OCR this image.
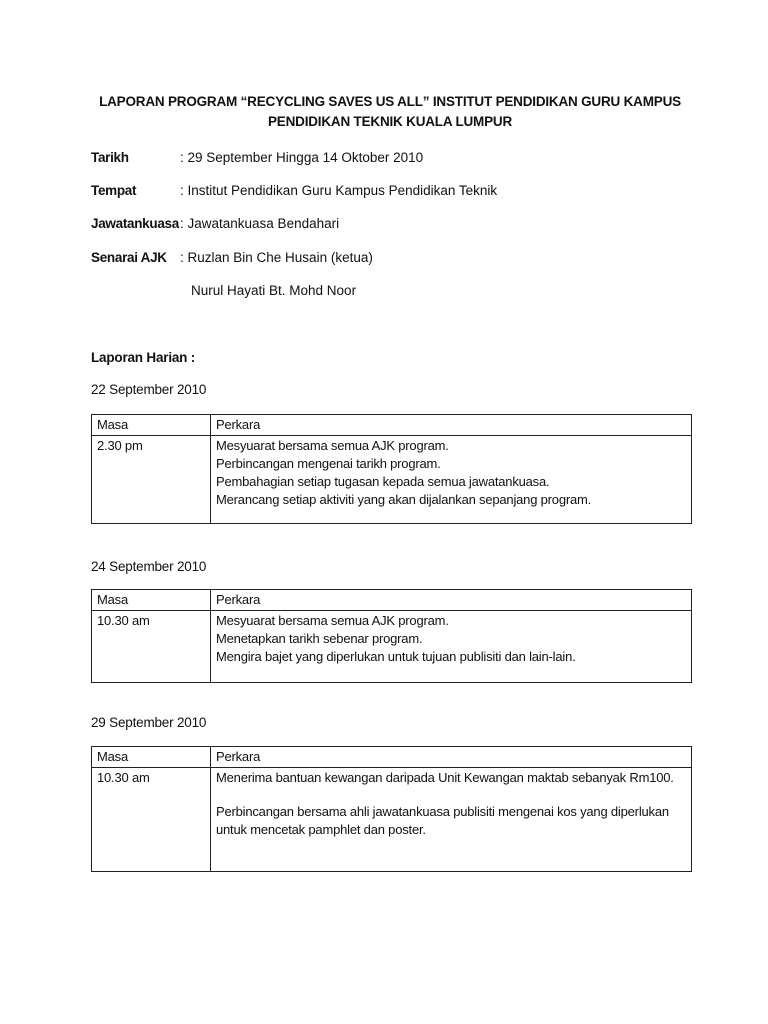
LAPORAN PROGRAM “RECYCLING SAVES US ALL” INSTITUT PENDIDIKAN GURU KAMPUS
PENDIDIKAN TEKNIK KUALA LUMPUR
Tarikh	: 29 September Hingga 14 Oktober 2010
Tempat	: Institut Pendidikan Guru Kampus Pendidikan Teknik
Jawatankuasa : Jawatankuasa Bendahari
Senarai AJK : Ruzlan Bin Che Husain (ketua)
Nurul Hayati Bt. Mohd Noor
Laporan Harian :
22 September 2010
Masa	Perkara
2.30 pm	Mesyuarat bersama semua AJK program.
Perbincangan mengenai tarikh program.
Pembahagian setiap tugasan kepada semua jawatankuasa.
Merancang setiap aktiviti yang akan dijalankan sepanjang program.
24 September 2010
Masa	Perkara
10.30 am	Mesyuarat bersama semua AJK program.
Menetapkan tarikh sebenar program.
Mengira bajet yang diperlukan untuk tujuan publisiti dan lain-lain.
29 September 2010
Masa	Perkara
10.30 am	Menerima bantuan kewangan daripada Unit Kewangan maktab sebanyak Rm100.
Perbincangan bersama ahli jawatankuasa publisiti mengenai kos yang diperlukan
untuk mencetak pamphlet dan poster.
